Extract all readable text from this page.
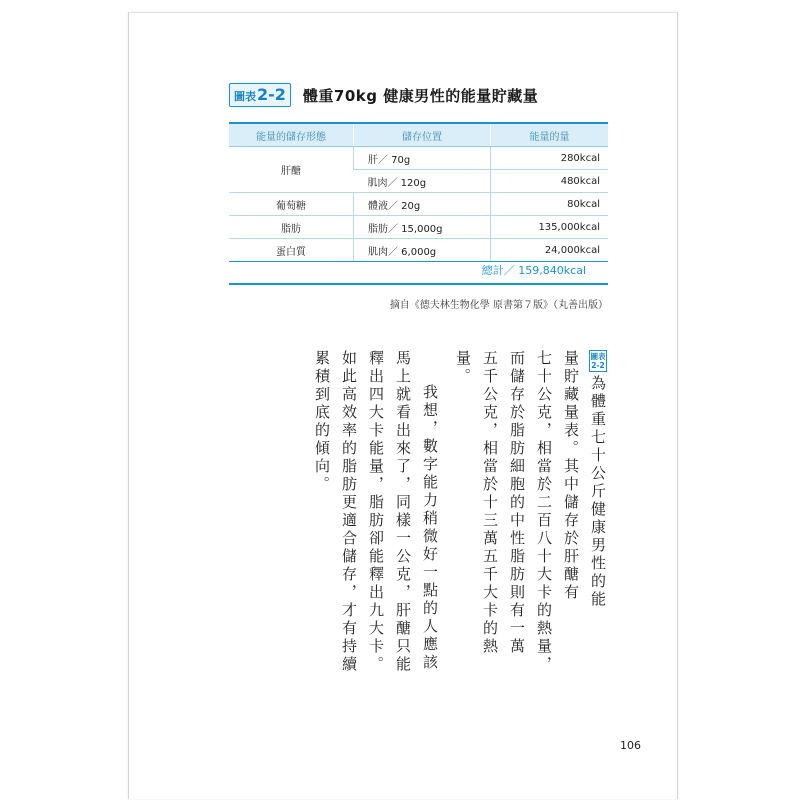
圖表 2-2 體重70kg 健康男性的能量貯藏量
能量的儲存形態	儲存位置	能量的量
肝醣	肝／ 70g	280kcal
	肌肉／ 120g	480kcal
葡萄糖	體液／ 20g	80kcal
脂肪	脂肪／ 15,000g	135,000kcal
蛋白質	肌肉／ 6,000g	24,000kcal
總計／ 159,840kcal
摘自《德夫林生物化學 原書第７版》（丸善出版）
圖表
2-2為體重七十公斤健康男性的能
量貯藏量表。其中儲存於肝醣有
七十公克，相當於二百八十大卡的熱量，
而儲存於脂肪細胞的中性脂肪則有一萬
五千公克，相當於十三萬五千大卡的熱
量。
我想，數字能力稍微好一點的人應該
馬上就看出來了，同樣一公克，肝醣只能
釋出四大卡能量，脂肪卻能釋出九大卡。
如此高效率的脂肪更適合儲存，才有持續
累積到底的傾向。
106
